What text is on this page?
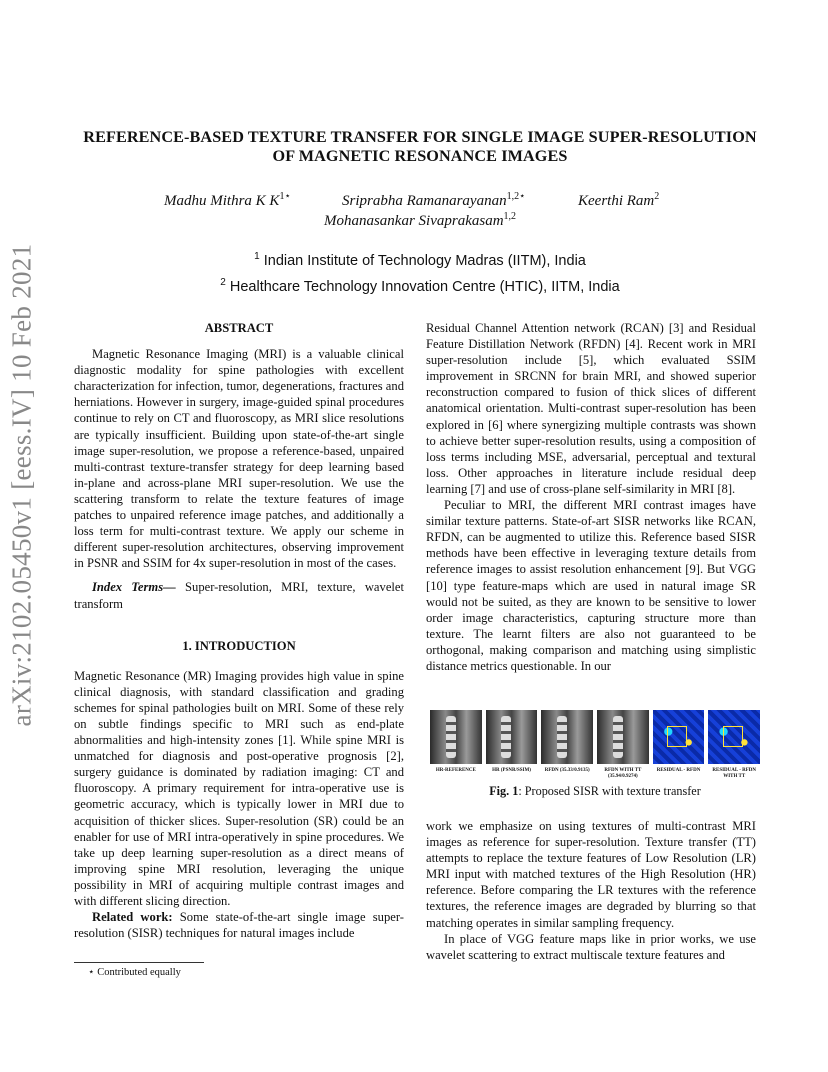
arXiv:2102.05450v1 [eess.IV] 10 Feb 2021
REFERENCE-BASED TEXTURE TRANSFER FOR SINGLE IMAGE SUPER-RESOLUTION
OF MAGNETIC RESONANCE IMAGES
Madhu Mithra K $K^{1⋆}$	Sriprabha Ramanarayanan$^{1,2⋆}$	Keerthi Ram$^2$
Mohanasankar Sivaprakasam$^{1,2}$
$^1$ Indian Institute of Technology Madras (IITM), India
$^2$ Healthcare Technology Innovation Centre (HTIC), IITM, India
ABSTRACT

Magnetic Resonance Imaging (MRI) is a valuable clinical diagnostic modality for spine pathologies with excellent characterization for infection, tumor, degenerations, fractures and herniations. However in surgery, image-guided spinal procedures continue to rely on CT and fluoroscopy, as MRI slice resolutions are typically insufficient. Building upon state-of-the-art single image super-resolution, we propose a reference-based, unpaired multi-contrast texture-transfer strategy for deep learning based in-plane and across-plane MRI super-resolution. We use the scattering transform to relate the texture features of image patches to unpaired reference image patches, and additionally a loss term for multi-contrast texture. We apply our scheme in different super-resolution architectures, observing improvement in PSNR and SSIM for 4x super-resolution in most of the cases.

Index Terms— Super-resolution, MRI, texture, wavelet transform

1. INTRODUCTION

Magnetic Resonance (MR) Imaging provides high value in spine clinical diagnosis, with standard classification and grading schemes for spinal pathologies built on MRI. Some of these rely on subtle findings specific to MRI such as end-plate abnormalities and high-intensity zones [1]. While spine MRI is unmatched for diagnosis and post-operative prognosis [2], surgery guidance is dominated by radiation imaging: CT and fluoroscopy. A primary requirement for intra-operative use is geometric accuracy, which is typically lower in MRI due to acquisition of thicker slices. Super-resolution (SR) could be an enabler for use of MRI intra-operatively in spine procedures. We take up deep learning super-resolution as a direct means of improving spine MRI resolution, leveraging the unique possibility in MRI of acquiring multiple contrast images and with different slicing direction.

Related work: Some state-of-the-art single image super-resolution (SISR) techniques for natural images include

⋆ Contributed equally

Residual Channel Attention network (RCAN) [3] and Residual Feature Distillation Network (RFDN) [4]. Recent work in MRI super-resolution include [5], which evaluated SSIM improvement in SRCNN for brain MRI, and showed superior reconstruction compared to fusion of thick slices of different anatomical orientation. Multi-contrast super-resolution has been explored in [6] where synergizing multiple contrasts was shown to achieve better super-resolution results, using a composition of loss terms including MSE, adversarial, perceptual and textural loss. Other approaches in literature include residual deep learning [7] and use of cross-plane self-similarity in MRI [8].

Peculiar to MRI, the different MRI contrast images have similar texture patterns. State-of-art SISR networks like RCAN, RFDN, can be augmented to utilize this. Reference based SISR methods have been effective in leveraging texture details from reference images to assist resolution enhancement [9]. But VGG [10] type feature-maps which are used in natural image SR would not be suited, as they are known to be sensitive to lower order image characteristics, capturing structure more than texture. The learnt filters are also not guaranteed to be orthogonal, making comparison and matching using simplistic distance metrics questionable. In our

HR-REFERENCE	HR (PSNR/SSIM)	RFDN (35.33/0.9135)	RFDN WITH TT (35.94/0.9274)
RESIDUAL - RFDN	RESIDUAL - RFDN WITH TT
Fig. 1: Proposed SISR with texture transfer

work we emphasize on using textures of multi-contrast MRI images as reference for super-resolution. Texture transfer (TT) attempts to replace the texture features of Low Resolution (LR) MRI input with matched textures of the High Resolution (HR) reference. Before comparing the LR textures with the reference textures, the reference images are degraded by blurring so that matching operates in similar sampling frequency.

In place of VGG feature maps like in prior works, we use wavelet scattering to extract multiscale texture features and
